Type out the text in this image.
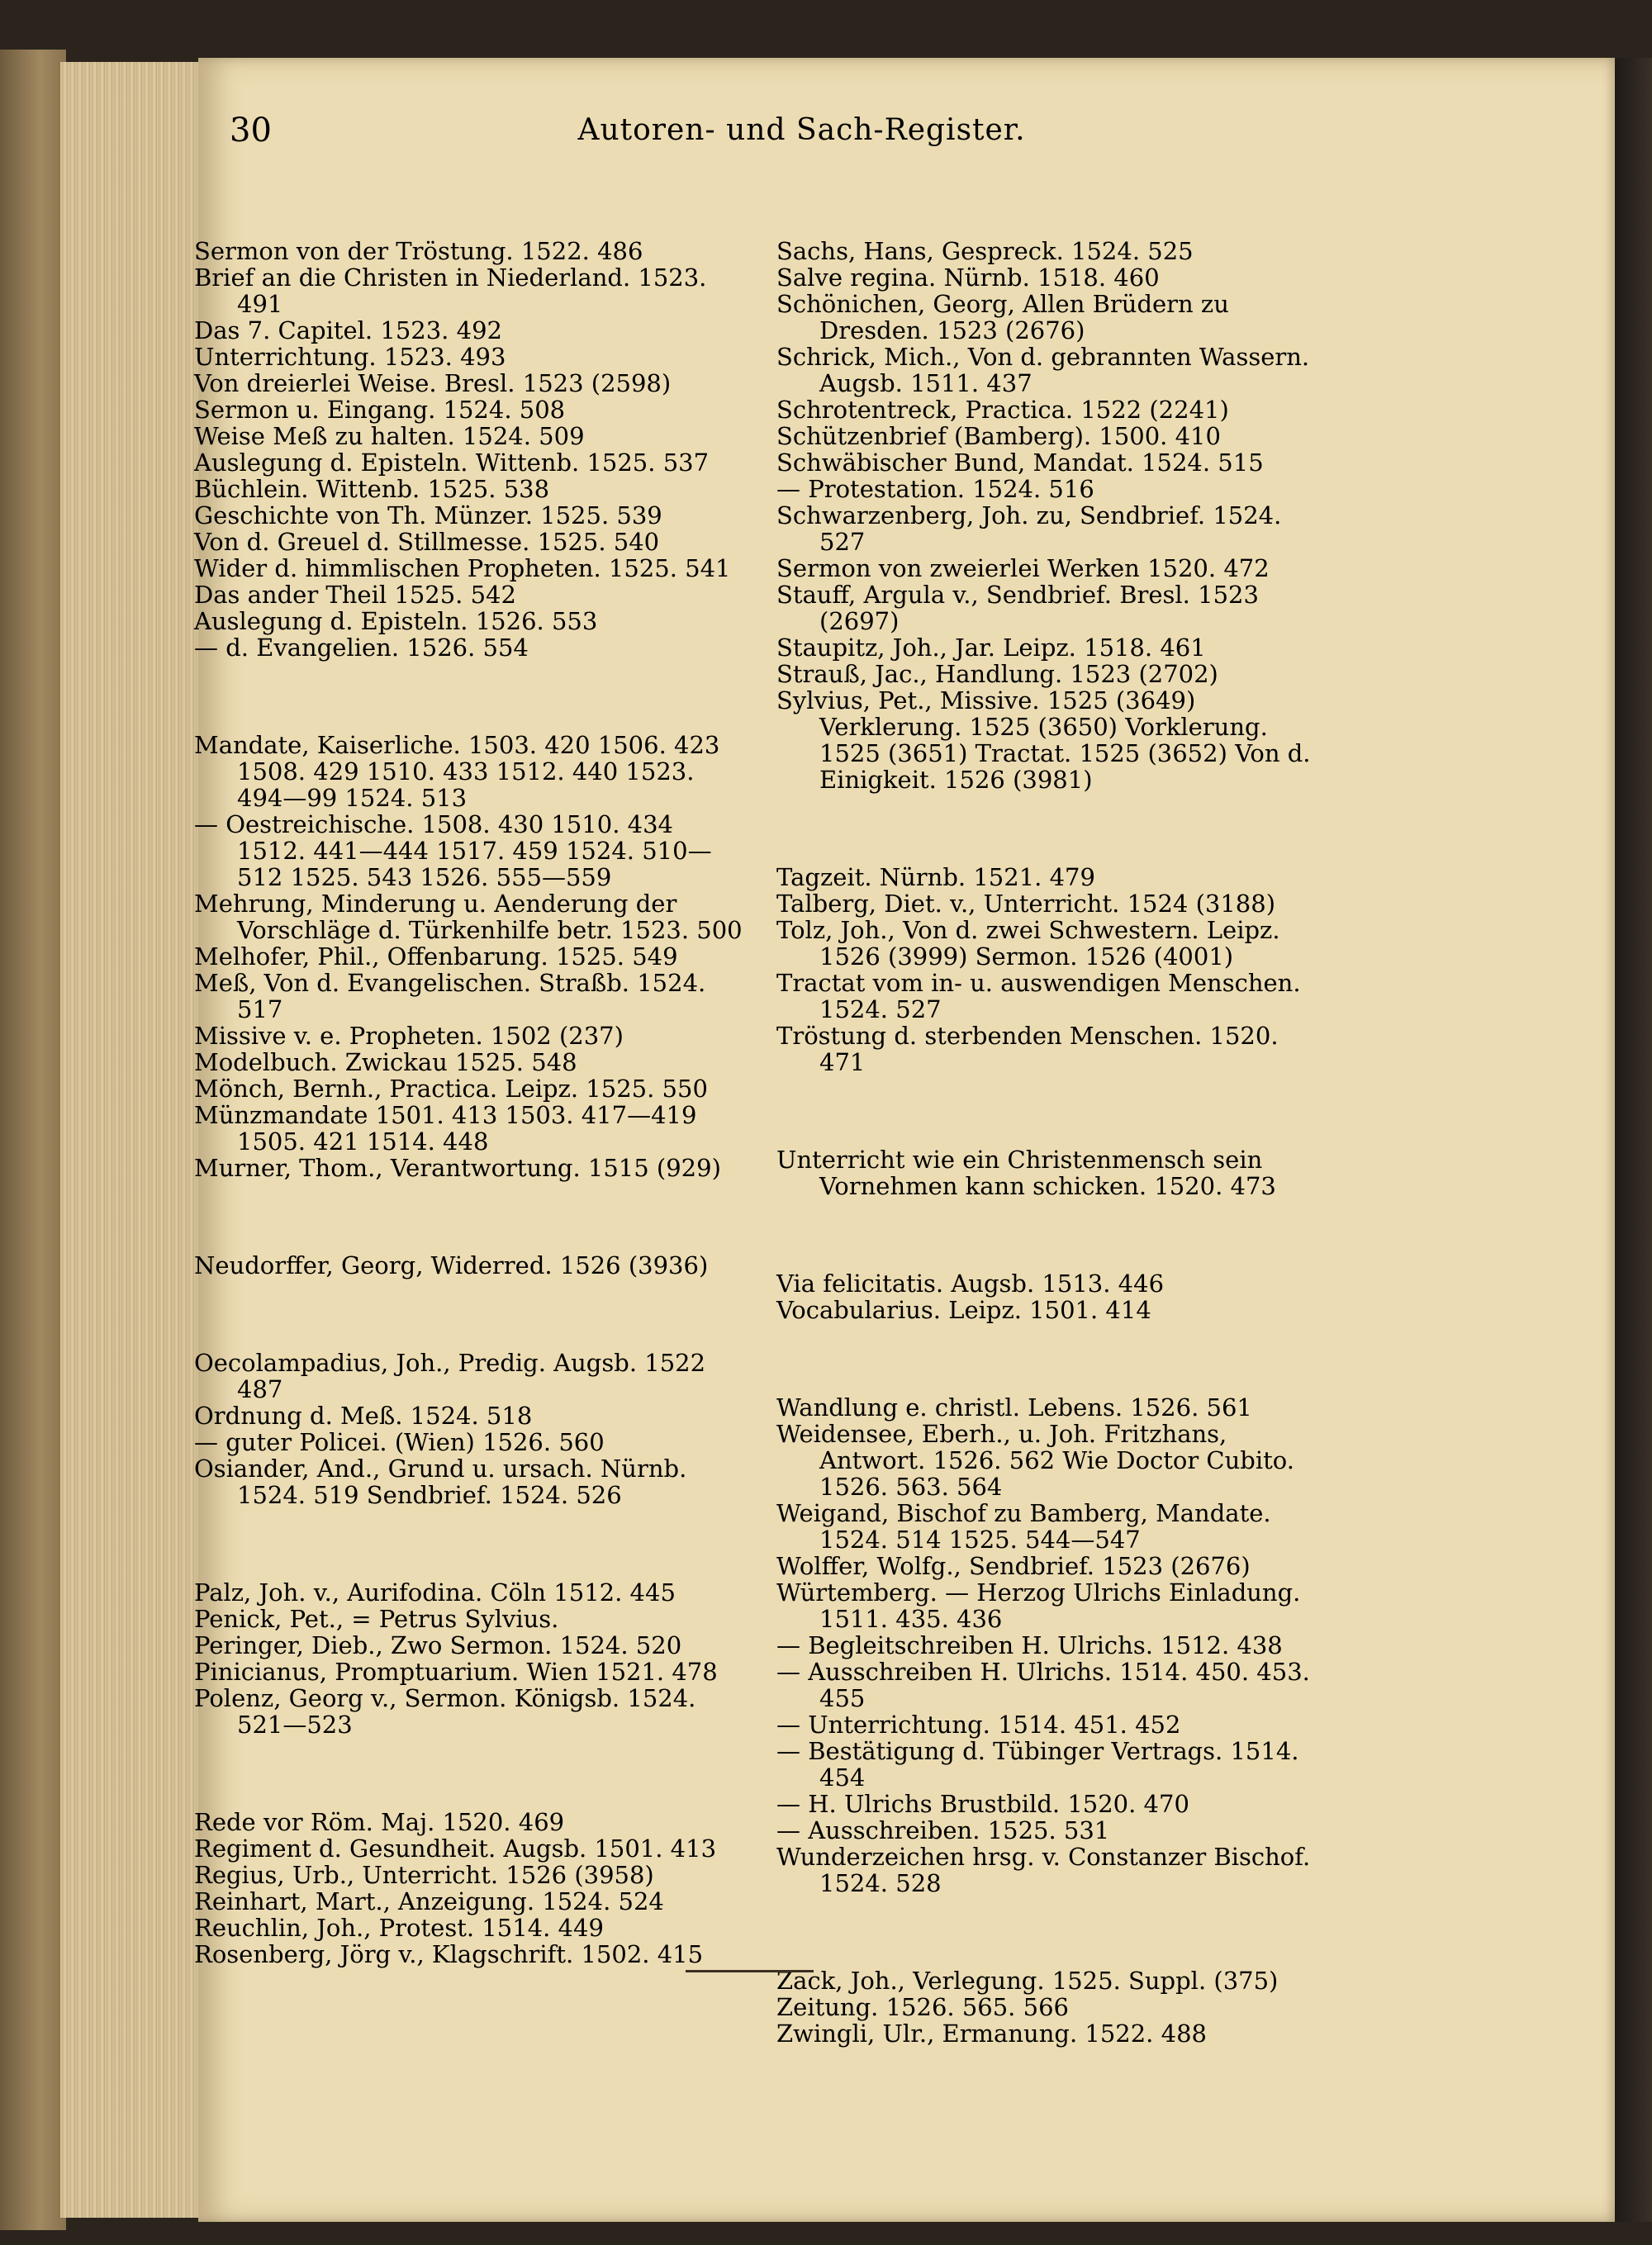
30	Autoren- und Sach-Register.

Sermon von der Tröstung. 1522. 486

Brief an die Christen in Niederland. 1523. 491

Das 7. Capitel. 1523. 492

Unterrichtung. 1523. 493

Von dreierlei Weise. Bresl. 1523 (2598)

Sermon u. Eingang. 1524. 508

Weise Meß zu halten. 1524. 509

Auslegung d. Episteln. Wittenb. 1525. 537

Büchlein. Wittenb. 1525. 538

Geschichte von Th. Münzer. 1525. 539

Von d. Greuel d. Stillmesse. 1525. 540

Wider d. himmlischen Propheten. 1525. 541

Das ander Theil 1525. 542

Auslegung d. Episteln. 1526. 553

— d. Evangelien. 1526. 554

Mandate, Kaiserliche. 1503. 420 1506. 423 1508. 429 1510. 433 1512. 440 1523. 494—99 1524. 513

— Oestreichische. 1508. 430 1510. 434 1512. 441—444 1517. 459 1524. 510—512 1525. 543 1526. 555—559

Mehrung, Minderung u. Aenderung der Vorschläge d. Türkenhilfe betr. 1523. 500

Melhofer, Phil., Offenbarung. 1525. 549

Meß, Von d. Evangelischen. Straßb. 1524. 517

Missive v. e. Propheten. 1502 (237)

Modelbuch. Zwickau 1525. 548

Mönch, Bernh., Practica. Leipz. 1525. 550

Münzmandate 1501. 413 1503. 417—419 1505. 421 1514. 448

Murner, Thom., Verantwortung. 1515 (929)

Neudorffer, Georg, Widerred. 1526 (3936)

Oecolampadius, Joh., Predig. Augsb. 1522 487

Ordnung d. Meß. 1524. 518

— guter Policei. (Wien) 1526. 560

Osiander, And., Grund u. ursach. Nürnb. 1524. 519 Sendbrief. 1524. 526

Palz, Joh. v., Aurifodina. Cöln 1512. 445

Penick, Pet., = Petrus Sylvius.

Peringer, Dieb., Zwo Sermon. 1524. 520

Pinicianus, Promptuarium. Wien 1521. 478

Polenz, Georg v., Sermon. Königsb. 1524. 521—523

Rede vor Röm. Maj. 1520. 469

Regiment d. Gesundheit. Augsb. 1501. 413

Regius, Urb., Unterricht. 1526 (3958)

Reinhart, Mart., Anzeigung. 1524. 524

Reuchlin, Joh., Protest. 1514. 449

Rosenberg, Jörg v., Klagschrift. 1502. 415

Sachs, Hans, Gespreck. 1524. 525

Salve regina. Nürnb. 1518. 460

Schönichen, Georg, Allen Brüdern zu Dresden. 1523 (2676)

Schrick, Mich., Von d. gebrannten Wassern. Augsb. 1511. 437

Schrotentreck, Practica. 1522 (2241)

Schützenbrief (Bamberg). 1500. 410

Schwäbischer Bund, Mandat. 1524. 515

— Protestation. 1524. 516

Schwarzenberg, Joh. zu, Sendbrief. 1524. 527

Sermon von zweierlei Werken 1520. 472

Stauff, Argula v., Sendbrief. Bresl. 1523 (2697)

Staupitz, Joh., Jar. Leipz. 1518. 461

Strauß, Jac., Handlung. 1523 (2702)

Sylvius, Pet., Missive. 1525 (3649) Verklerung. 1525 (3650) Vorklerung. 1525 (3651) Tractat. 1525 (3652) Von d. Einigkeit. 1526 (3981)

Tagzeit. Nürnb. 1521. 479

Talberg, Diet. v., Unterricht. 1524 (3188)

Tolz, Joh., Von d. zwei Schwestern. Leipz. 1526 (3999) Sermon. 1526 (4001)

Tractat vom in- u. auswendigen Menschen. 1524. 527

Tröstung d. sterbenden Menschen. 1520. 471

Unterricht wie ein Christenmensch sein Vornehmen kann schicken. 1520. 473

Via felicitatis. Augsb. 1513. 446

Vocabularius. Leipz. 1501. 414

Wandlung e. christl. Lebens. 1526. 561

Weidensee, Eberh., u. Joh. Fritzhans, Antwort. 1526. 562 Wie Doctor Cubito. 1526. 563. 564

Weigand, Bischof zu Bamberg, Mandate. 1524. 514 1525. 544—547

Wolffer, Wolfg., Sendbrief. 1523 (2676)

Würtemberg. — Herzog Ulrichs Einladung. 1511. 435. 436

— Begleitschreiben H. Ulrichs. 1512. 438

— Ausschreiben H. Ulrichs. 1514. 450. 453. 455

— Unterrichtung. 1514. 451. 452

— Bestätigung d. Tübinger Vertrags. 1514. 454

— H. Ulrichs Brustbild. 1520. 470

— Ausschreiben. 1525. 531

Wunderzeichen hrsg. v. Constanzer Bischof. 1524. 528

Zack, Joh., Verlegung. 1525. Suppl. (375)

Zeitung. 1526. 565. 566

Zwingli, Ulr., Ermanung. 1522. 488
